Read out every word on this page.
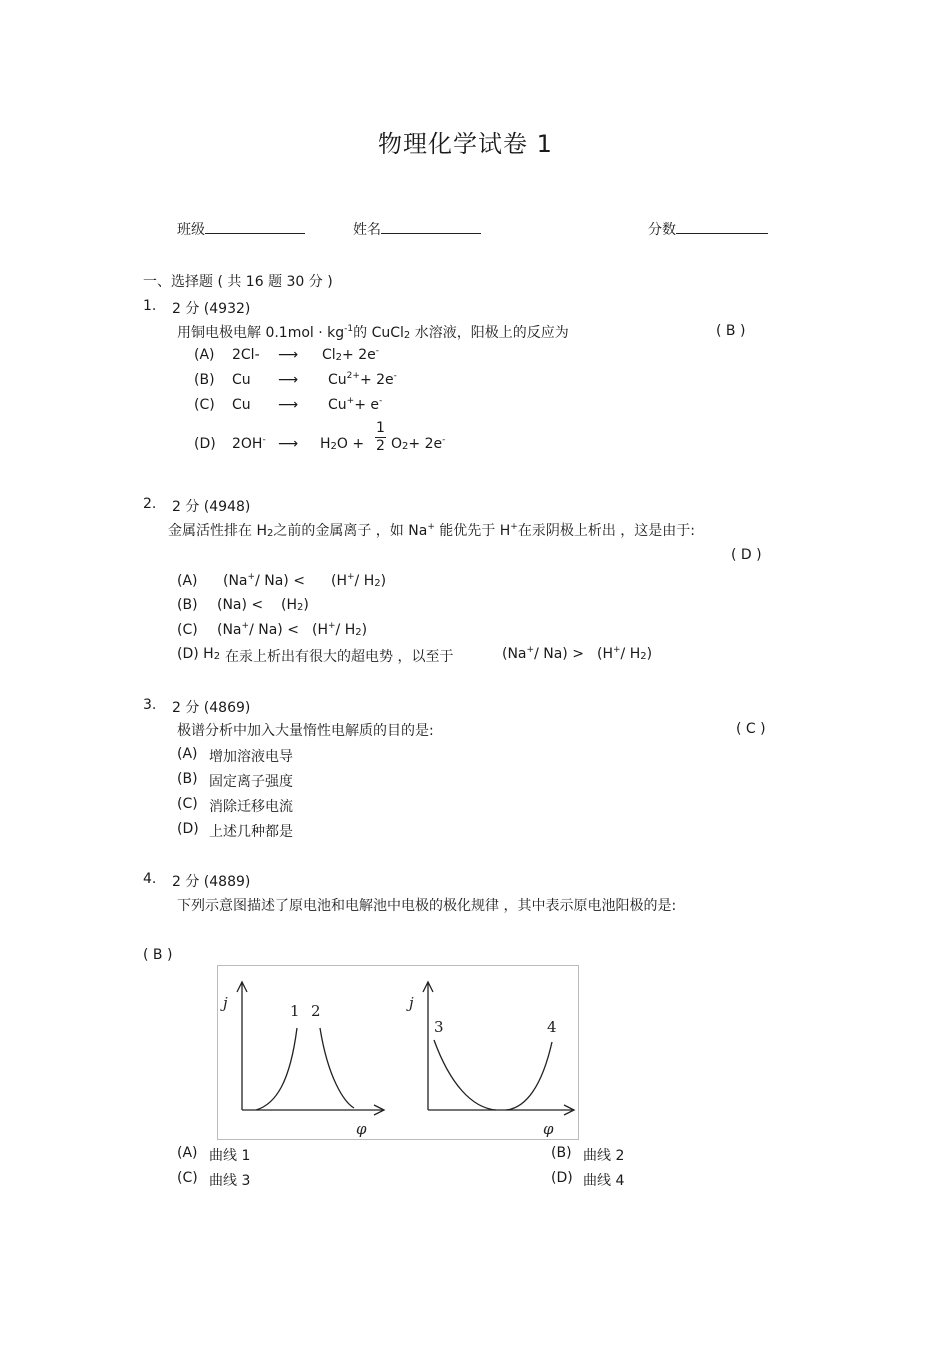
物理化学试卷 1
班级	姓名	分数
一、选择题 ( 共 16 题 30 分 )
1. 2 分 (4932)
用铜电极电解 $0.1mol \cdot kg^{-1}$的 CuCl$_2$ 水溶液，阳极上的反应为	( B )
(A) 2Cl- ⟶ $Cl_2+ 2e^-$
(B) Cu ⟶ $Cu^{2+}+ 2e^-$
(C) Cu ⟶ Cu++ e-
(D) 2OH- ⟶ $H_2O + \frac{1}{2} O_2+ 2e^-$
2. 2 分 (4948)
金属活性排在 $H_2$之前的金属离子 ，如 Na+ 能优先于 H+在汞阴极上析出 ，这是由于:
( D )
(A) (Na+/ Na) < (H+/ $H_2$)
(B) $(Na) < (H_2)$
(C) (Na+/ Na) < (H+/ $H_2$)
(D) $H_2$ 在汞上析出有很大的超电势 ，以至于	(Na+/ Na) > (H+/ $H_2$)
3. 2 分 (4869)
极谱分析中加入大量惰性电解质的目的是:	( C )
(A) 增加溶液电导
(B) 固定离子强度
(C) 消除迁移电流
(D) 上述几种都是
4. 2 分 (4889)
下列示意图描述了原电池和电解池中电极的极化规律 ，其中表示原电池阳极的是:
( B )
j
φ
1 2	j
φ
3	4
(A) 曲线 1	(B) 曲线 2
(C) 曲线 3	(D) 曲线 4
